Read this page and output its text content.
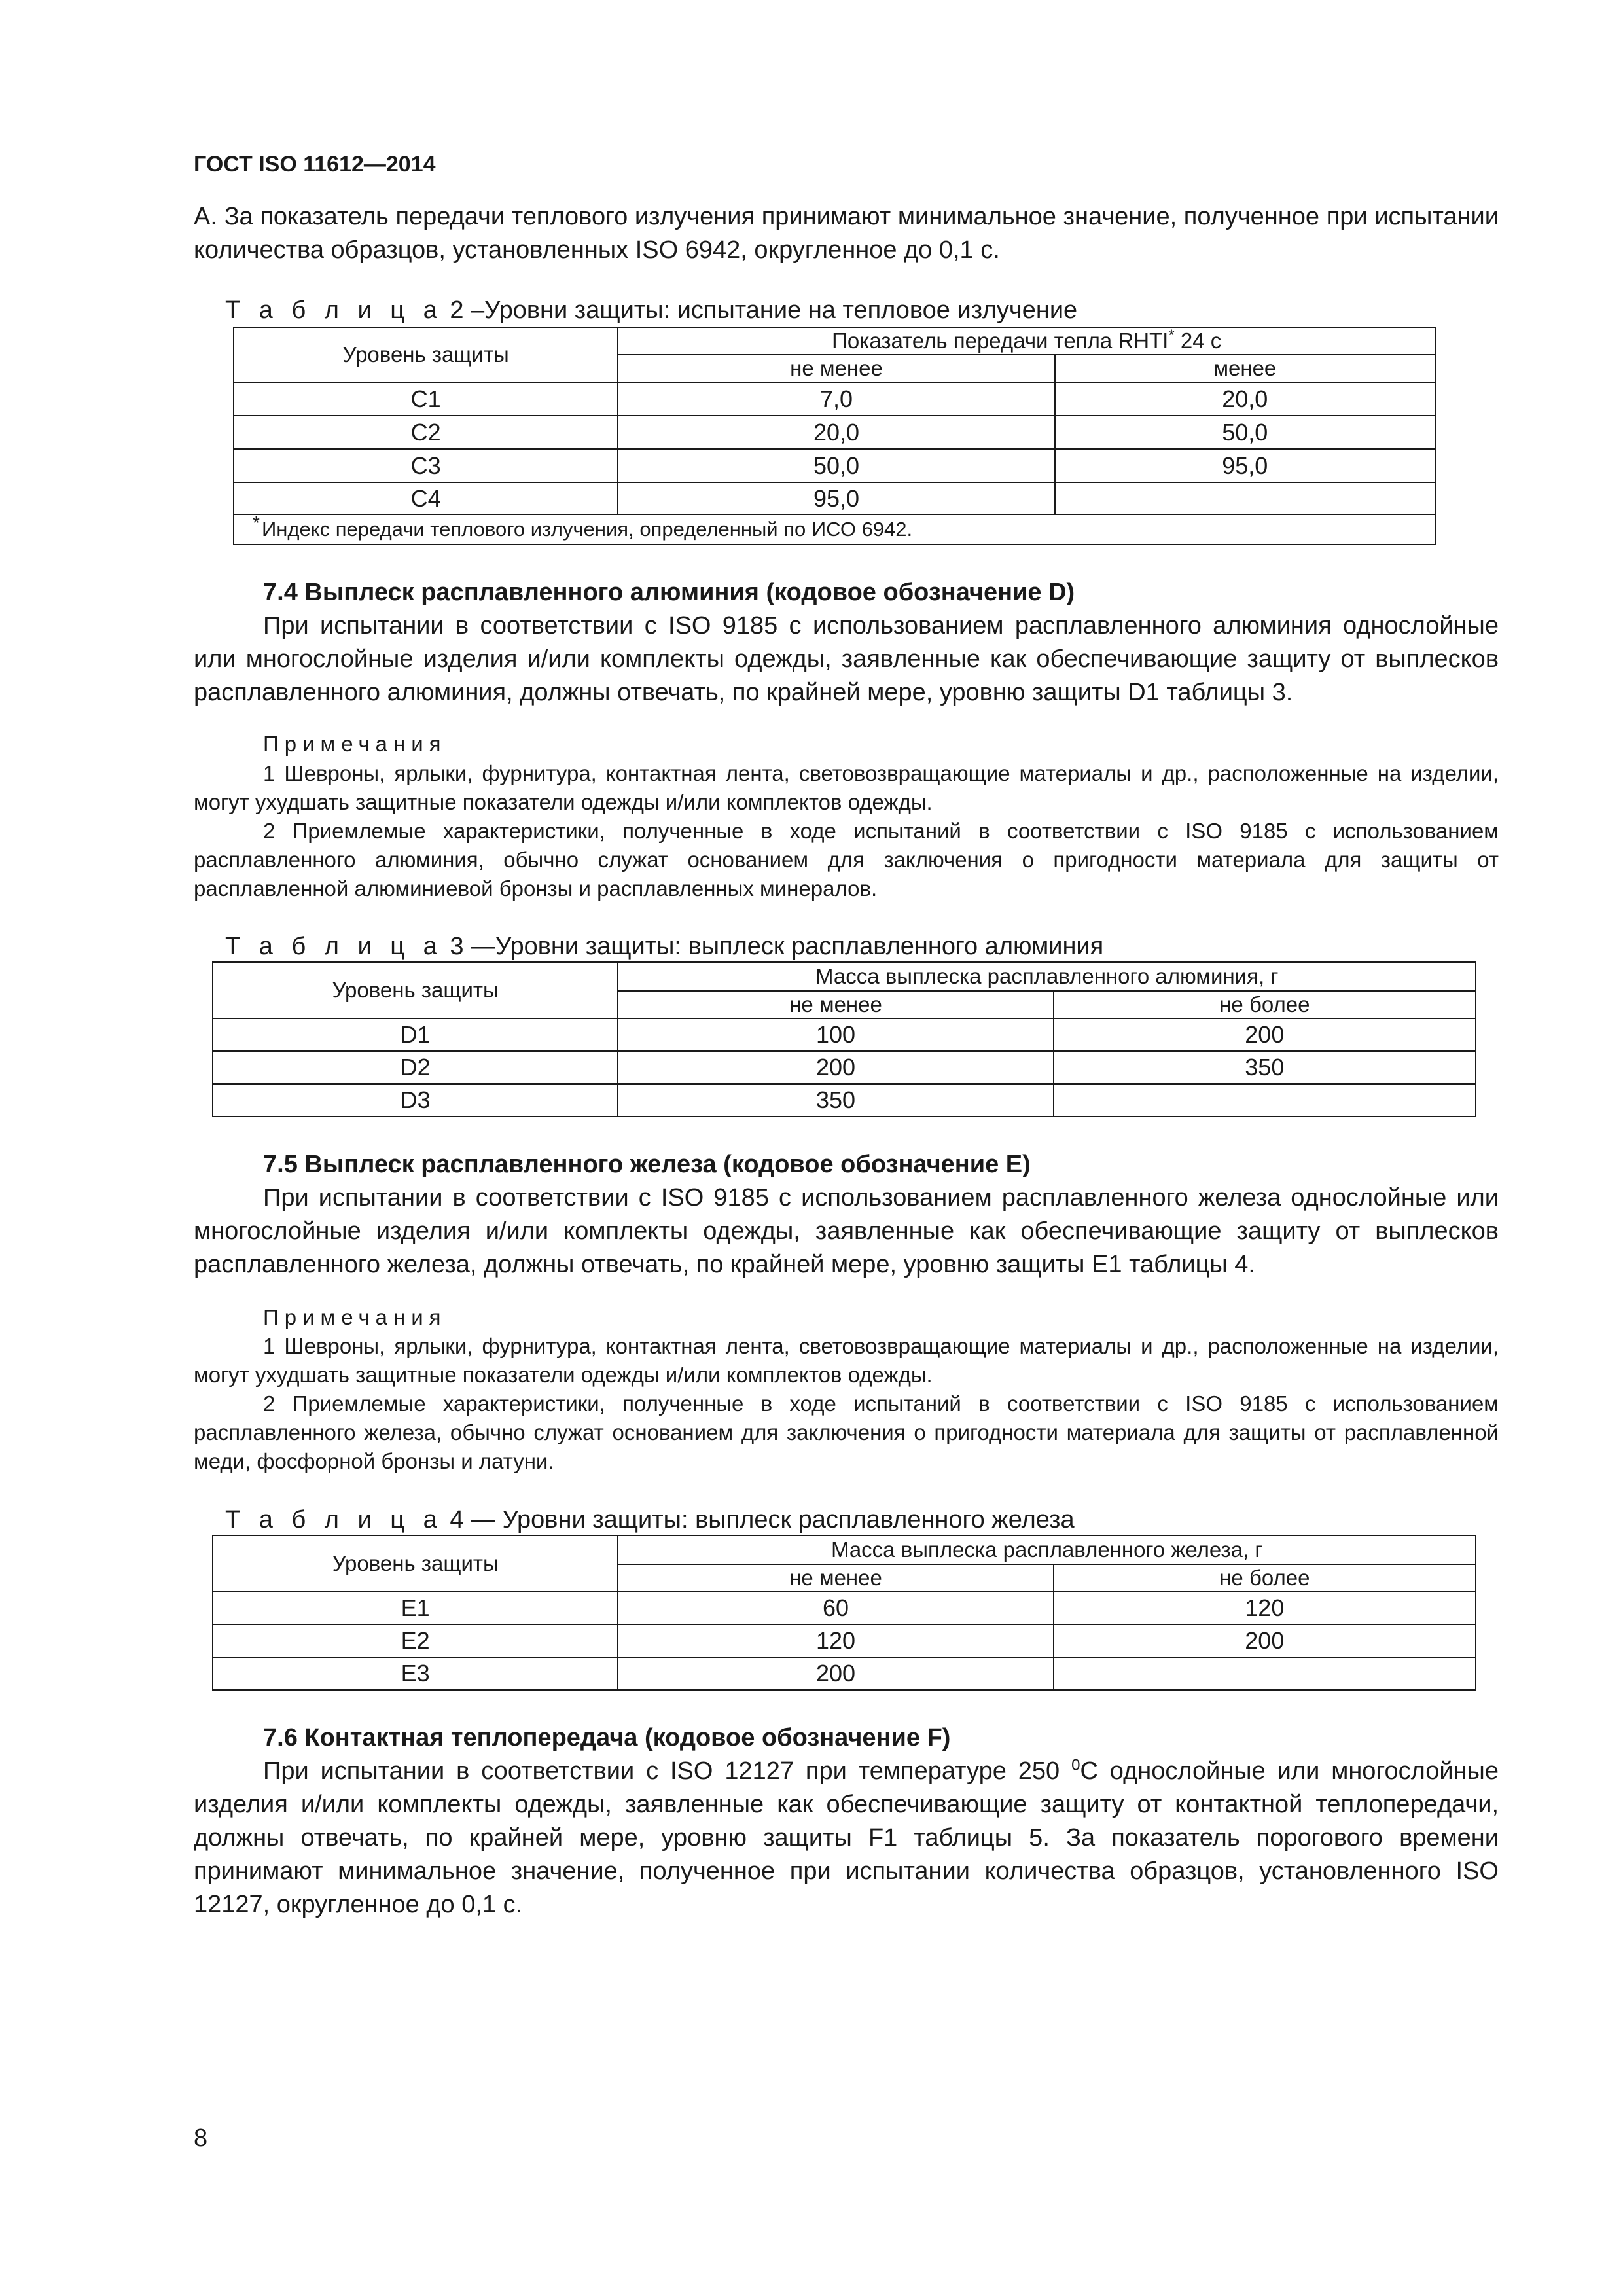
ГОСТ ISO 11612—2014

А. За показатель передачи теплового излучения принимают минимальное значение, полученное при испытании количества образцов, установленных ISO 6942, округленное до 0,1 с.

Т а б л и ц а 2 –Уровни защиты: испытание на тепловое излучение
Уровень защиты	Показатель передачи тепла RHTI* 24 с	
	не менее	менее
C1	7,0	20,0
C2	20,0	50,0
C3	50,0	95,0
C4	95,0	

* Индекс передачи теплового излучения, определенный по ИСО 6942.		
7.4 Выплеск расплавленного алюминия (кодовое обозначение D)

При испытании в соответствии с ISO 9185 с использованием расплавленного алюминия однослойные или многослойные изделия и/или комплекты одежды, заявленные как обеспечивающие защиту от выплесков расплавленного алюминия, должны отвечать, по крайней мере, уровню защиты D1 таблицы 3.

Примечания

1 Шевроны, ярлыки, фурнитура, контактная лента, световозвращающие материалы и др., расположенные на изделии, могут ухудшать защитные показатели одежды и/или комплектов одежды.

2 Приемлемые характеристики, полученные в ходе испытаний в соответствии с ISO 9185 с использованием расплавленного алюминия, обычно служат основанием для заключения о пригодности материала для защиты от расплавленной алюминиевой бронзы и расплавленных минералов.

Т а б л и ц а 3 —Уровни защиты: выплеск расплавленного алюминия
Уровень защиты	Масса выплеска расплавленного алюминия, г	
	не менее	не более
D1	100	200
D2	200	350
D3	350	
7.5 Выплеск расплавленного железа (кодовое обозначение E)

При испытании в соответствии с ISO 9185 с использованием расплавленного железа однослойные или многослойные изделия и/или комплекты одежды, заявленные как обеспечивающие защиту от выплесков расплавленного железа, должны отвечать, по крайней мере, уровню защиты E1 таблицы 4.

Примечания

1 Шевроны, ярлыки, фурнитура, контактная лента, световозвращающие материалы и др., расположенные на изделии, могут ухудшать защитные показатели одежды и/или комплектов одежды.

2 Приемлемые характеристики, полученные в ходе испытаний в соответствии с ISO 9185 с использованием расплавленного железа, обычно служат основанием для заключения о пригодности материала для защиты от расплавленной меди, фосфорной бронзы и латуни.

Т а б л и ц а 4 — Уровни защиты: выплеск расплавленного железа
Уровень защиты	Масса выплеска расплавленного железа, г	
	не менее	не более
E1	60	120
E2	120	200
E3	200	
7.6 Контактная теплопередача (кодовое обозначение F)

При испытании в соответствии с ISO 12127 при температуре 250 $^0$С однослойные или многослойные изделия и/или комплекты одежды, заявленные как обеспечивающие защиту от контактной теплопередачи, должны отвечать, по крайней мере, уровню защиты F1 таблицы 5. За показатель порогового времени принимают минимальное значение, полученное при испытании количества образцов, установленного ISO 12127, округленное до 0,1 с.

8
